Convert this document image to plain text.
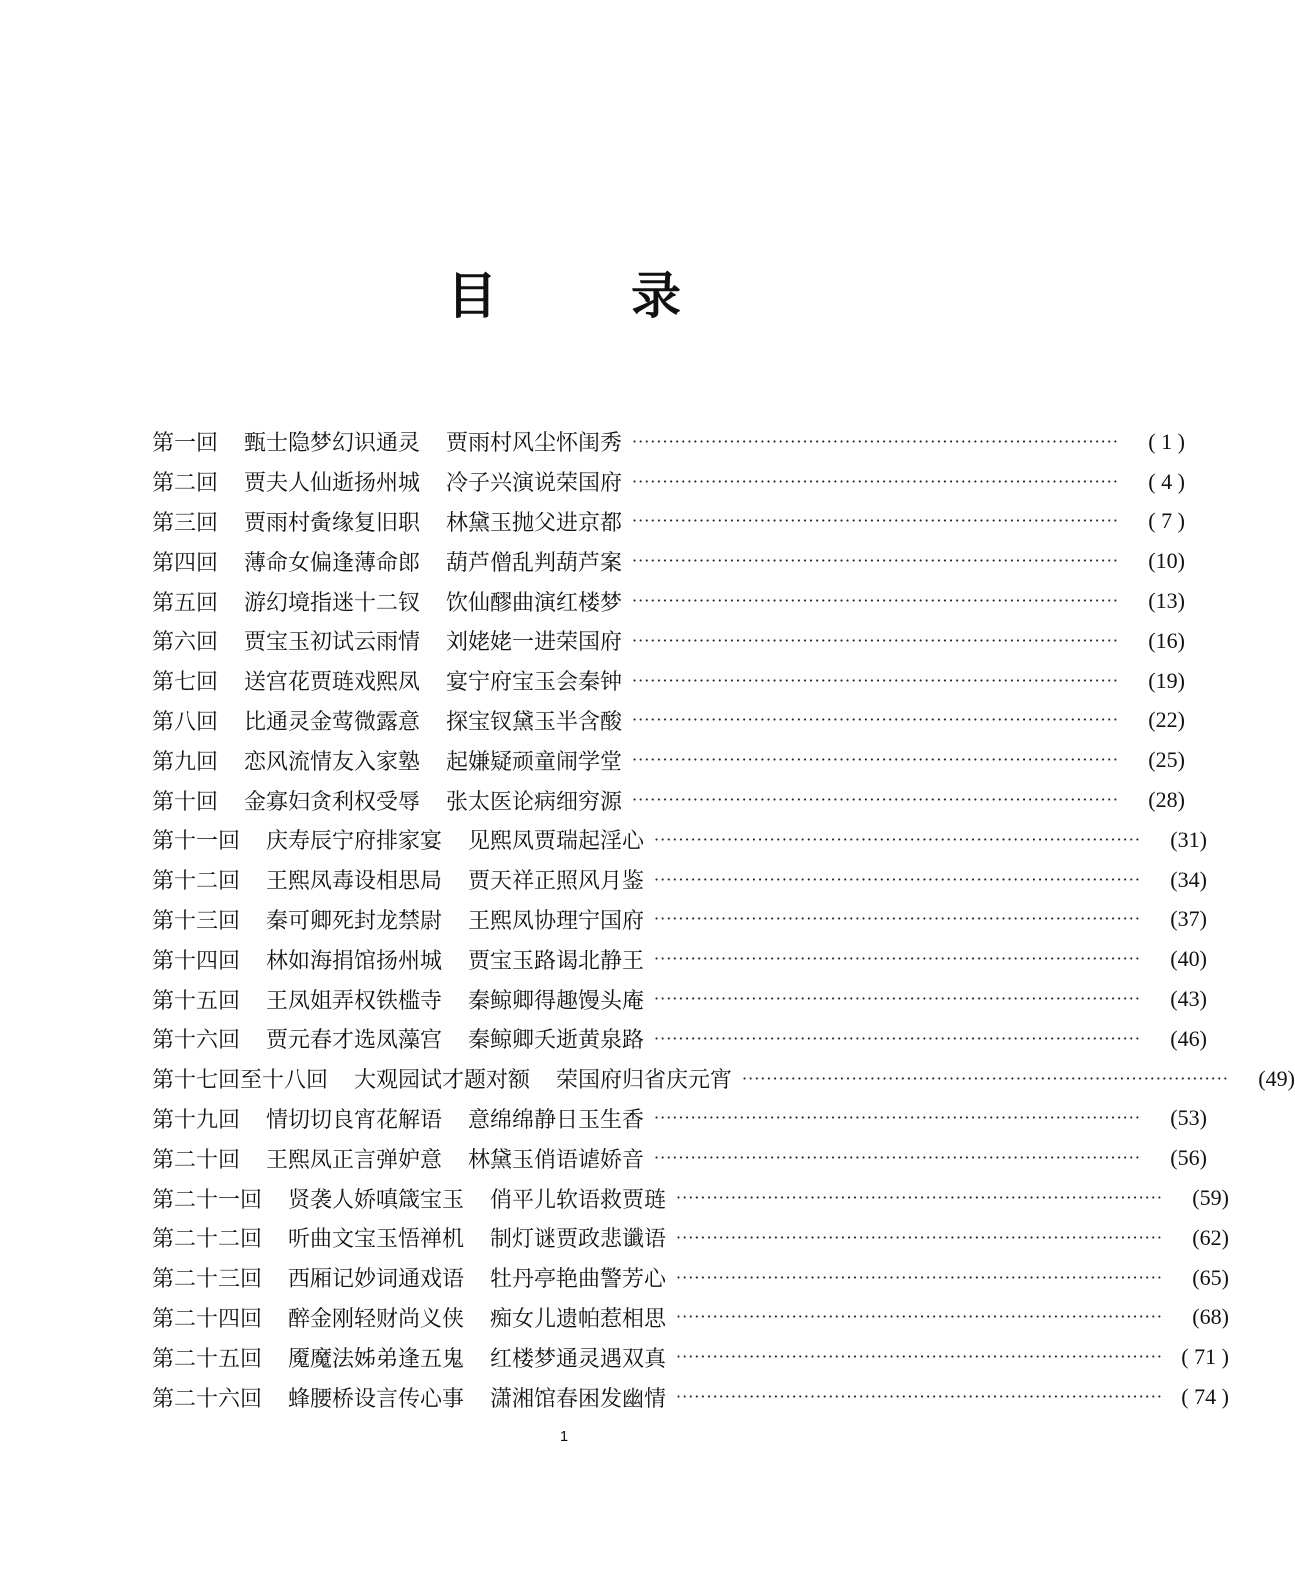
目　录
第一回 甄士隐梦幻识通灵 贾雨村风尘怀闺秀 ················································································	( 1 )
第二回 贾夫人仙逝扬州城 冷子兴演说荣国府 ················································································	( 4 )
第三回 贾雨村夤缘复旧职 林黛玉抛父进京都 ················································································	( 7 )
第四回 薄命女偏逢薄命郎 葫芦僧乱判葫芦案 ················································································	(10)
第五回 游幻境指迷十二钗 饮仙醪曲演红楼梦 ················································································	(13)
第六回 贾宝玉初试云雨情 刘姥姥一进荣国府 ················································································	(16)
第七回 送宫花贾琏戏熙凤 宴宁府宝玉会秦钟 ················································································	(19)
第八回 比通灵金莺微露意 探宝钗黛玉半含酸 ················································································	(22)
第九回 恋风流情友入家塾 起嫌疑顽童闹学堂 ················································································	(25)
第十回 金寡妇贪利权受辱 张太医论病细穷源 ················································································	(28)
第十一回 庆寿辰宁府排家宴 见熙凤贾瑞起淫心 ················································································	(31)
第十二回 王熙凤毒设相思局 贾天祥正照风月鉴 ················································································	(34)
第十三回 秦可卿死封龙禁尉 王熙凤协理宁国府 ················································································	(37)
第十四回 林如海捐馆扬州城 贾宝玉路谒北静王 ················································································	(40)
第十五回 王凤姐弄权铁槛寺 秦鲸卿得趣馒头庵 ················································································	(43)
第十六回 贾元春才选凤藻宫 秦鲸卿夭逝黄泉路 ················································································	(46)
第十七回至十八回 大观园试才题对额 荣国府归省庆元宵 ················································································	(49)
第十九回 情切切良宵花解语 意绵绵静日玉生香 ················································································	(53)
第二十回 王熙凤正言弹妒意 林黛玉俏语谑娇音 ················································································	(56)
第二十一回 贤袭人娇嗔箴宝玉 俏平儿软语救贾琏 ················································································	(59)
第二十二回 听曲文宝玉悟禅机 制灯谜贾政悲谶语 ················································································	(62)
第二十三回 西厢记妙词通戏语 牡丹亭艳曲警芳心 ················································································	(65)
第二十四回 醉金刚轻财尚义侠 痴女儿遗帕惹相思 ················································································	(68)
第二十五回 魇魔法姊弟逢五鬼 红楼梦通灵遇双真 ················································································ ( 71 )
第二十六回 蜂腰桥设言传心事 潇湘馆春困发幽情 ················································································ ( 74 )
1
